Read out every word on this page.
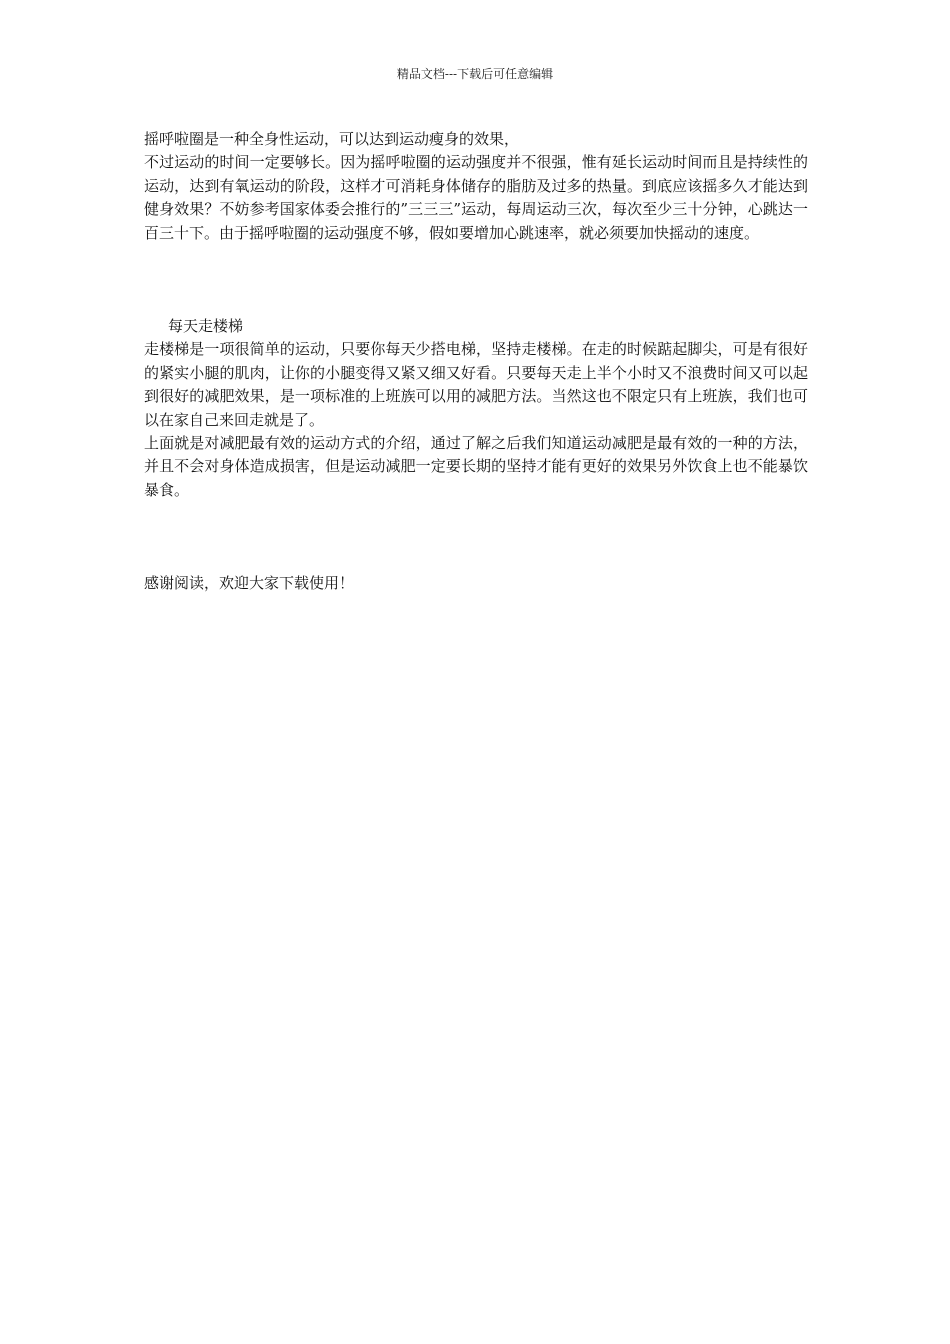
精品文档---下载后可任意编辑

摇呼啦圈是一种全身性运动，可以达到运动瘦身的效果，

不过运动的时间一定要够长。因为摇呼啦圈的运动强度并不很强，惟有延长运动时间而且是持续性的运动，达到有氧运动的阶段，这样才可消耗身体储存的脂肪及过多的热量。到底应该摇多久才能达到健身效果？不妨参考国家体委会推行的”三三三”运动，每周运动三次，每次至少三十分钟，心跳达一百三十下。由于摇呼啦圈的运动强度不够，假如要增加心跳速率，就必须要加快摇动的速度。

每天走楼梯

走楼梯是一项很简单的运动，只要你每天少搭电梯，坚持走楼梯。在走的时候踮起脚尖，可是有很好的紧实小腿的肌肉，让你的小腿变得又紧又细又好看。只要每天走上半个小时又不浪费时间又可以起到很好的减肥效果，是一项标准的上班族可以用的减肥方法。当然这也不限定只有上班族，我们也可以在家自己来回走就是了。

上面就是对减肥最有效的运动方式的介绍，通过了解之后我们知道运动减肥是最有效的一种的方法，并且不会对身体造成损害，但是运动减肥一定要长期的坚持才能有更好的效果另外饮食上也不能暴饮暴食。

感谢阅读，欢迎大家下载使用！
